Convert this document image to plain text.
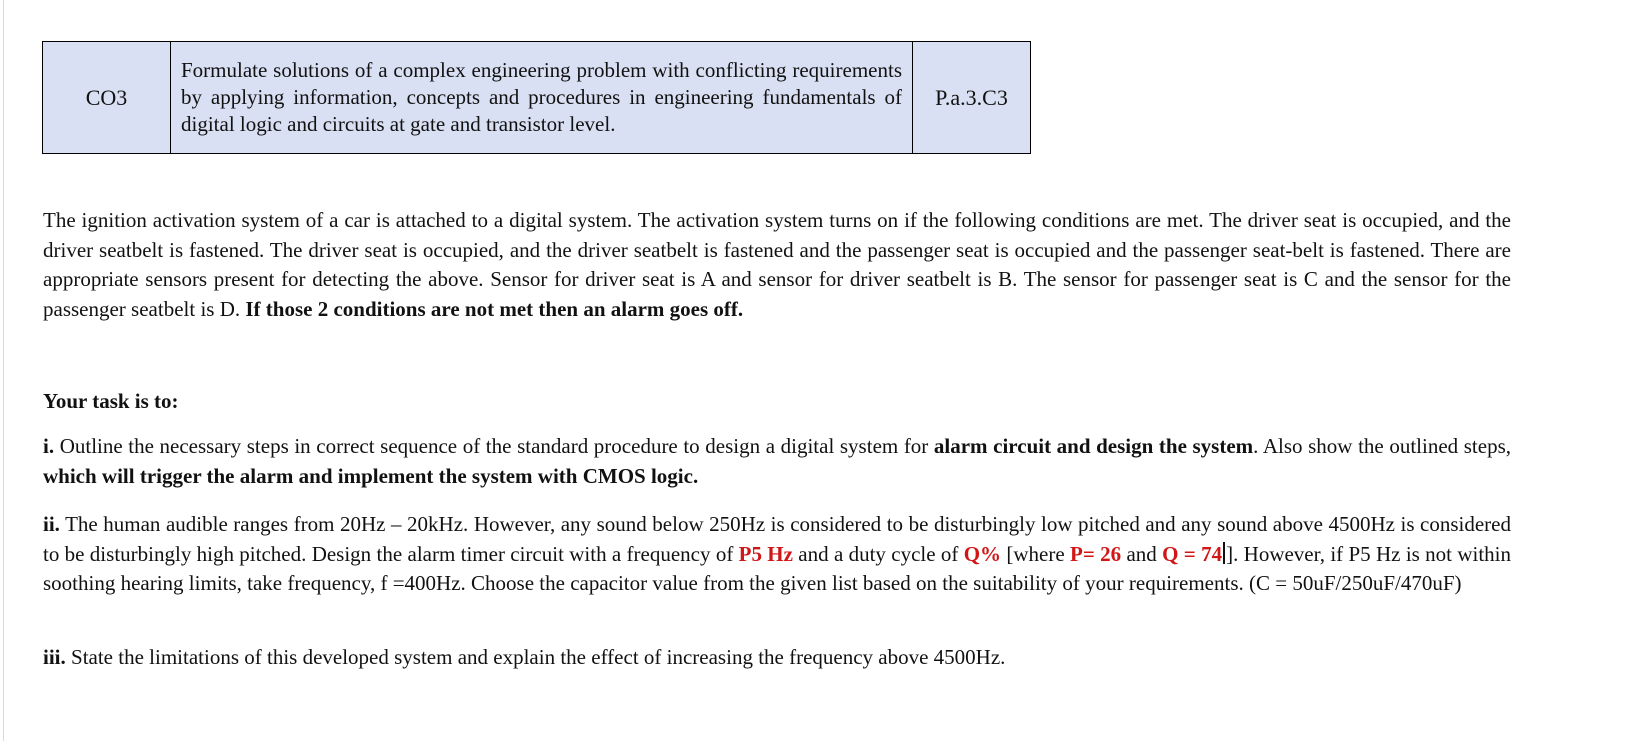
CO3	Formulate solutions of a complex engineering problem with conflicting requirements by applying information, concepts and procedures in engineering fundamentals of digital logic and circuits at gate and transistor level.	P.a.3.C3

The ignition activation system of a car is attached to a digital system. The activation system turns on if the following conditions are met. The driver seat is occupied, and the driver seatbelt is fastened. The driver seat is occupied, and the driver seatbelt is fastened and the passenger seat is occupied and the passenger seat-belt is fastened. There are appropriate sensors present for detecting the above. Sensor for driver seat is A and sensor for driver seatbelt is B. The sensor for passenger seat is C and the sensor for the passenger seatbelt is D. If those 2 conditions are not met then an alarm goes off.

Your task is to:

i. Outline the necessary steps in correct sequence of the standard procedure to design a digital system for alarm circuit and design the system. Also show the outlined steps, which will trigger the alarm and implement the system with CMOS logic.

ii. The human audible ranges from 20Hz – 20kHz. However, any sound below 250Hz is considered to be disturbingly low pitched and any sound above 4500Hz is considered to be disturbingly high pitched. Design the alarm timer circuit with a frequency of P5 Hz and a duty cycle of Q% [where P= 26 and Q = 74 ]. However, if P5 Hz is not within soothing hearing limits, take frequency, f =400Hz. Choose the capacitor value from the given list based on the suitability of your requirements. (C = 50uF/250uF/470uF)

iii. State the limitations of this developed system and explain the effect of increasing the frequency above 4500Hz.
